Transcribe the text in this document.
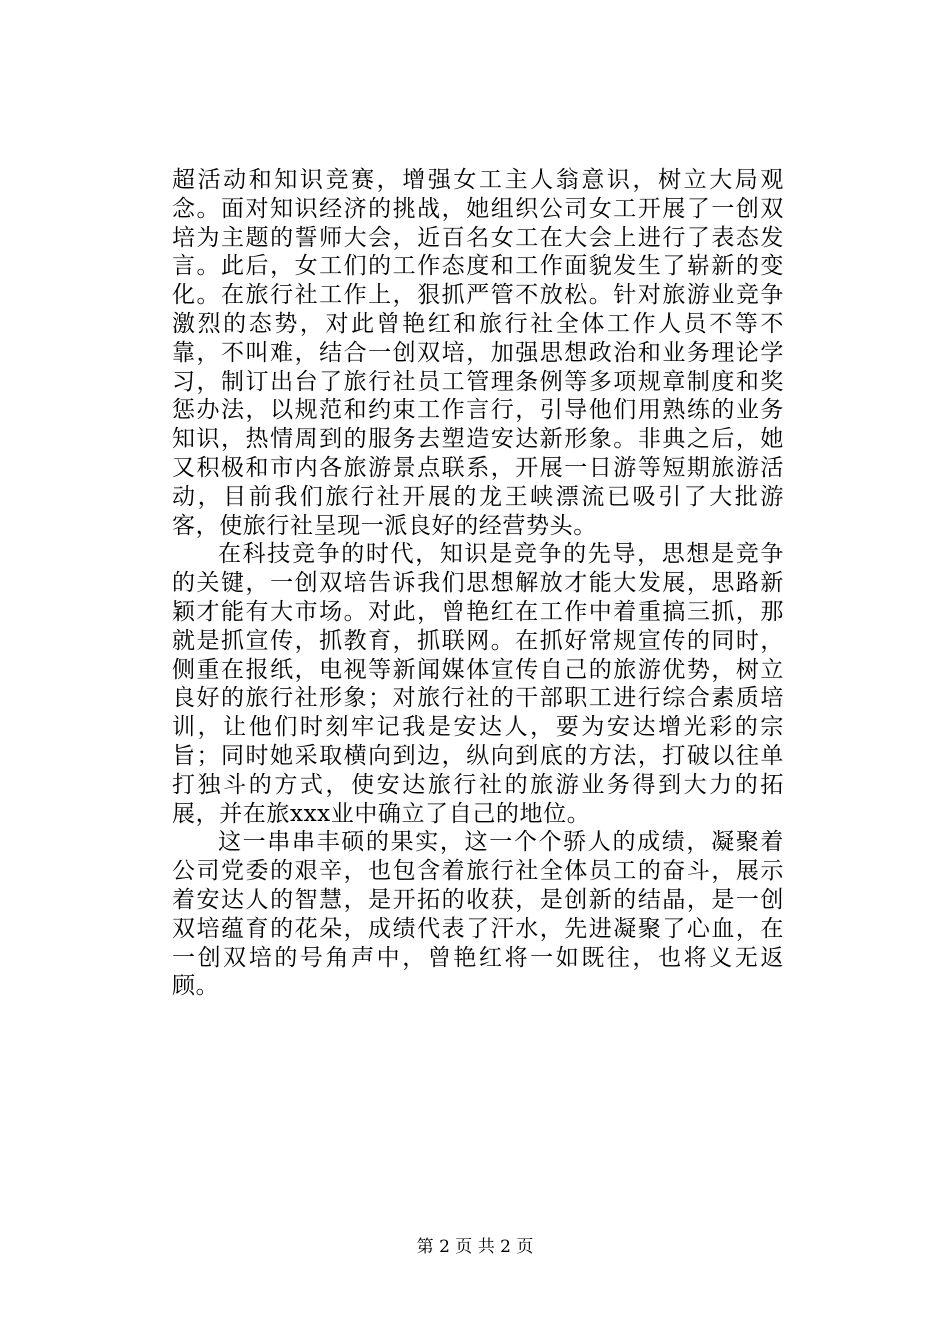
超活动和知识竞赛，增强女工主人翁意识，树立大局观念。面对知识经济的挑战，她组织公司女工开展了一创双培为主题的誓师大会，近百名女工在大会上进行了表态发言。此后，女工们的工作态度和工作面貌发生了崭新的变化。在旅行社工作上，狠抓严管不放松。针对旅游业竞争激烈的态势，对此曾艳红和旅行社全体工作人员不等不靠，不叫难，结合一创双培，加强思想政治和业务理论学习，制订出台了旅行社员工管理条例等多项规章制度和奖惩办法，以规范和约束工作言行，引导他们用熟练的业务知识，热情周到的服务去塑造安达新形象。非典之后，她又积极和市内各旅游景点联系，开展一日游等短期旅游活动，目前我们旅行社开展的龙王峡漂流已吸引了大批游客，使旅行社呈现一派良好的经营势头。

在科技竞争的时代，知识是竞争的先导，思想是竞争的关键，一创双培告诉我们思想解放才能大发展，思路新颖才能有大市场。对此，曾艳红在工作中着重搞三抓，那就是抓宣传，抓教育，抓联网。在抓好常规宣传的同时，侧重在报纸，电视等新闻媒体宣传自己的旅游优势，树立良好的旅行社形象；对旅行社的干部职工进行综合素质培训，让他们时刻牢记我是安达人，要为安达增光彩的宗旨；同时她采取横向到边，纵向到底的方法，打破以往单打独斗的方式，使安达旅行社的旅游业务得到大力的拓展，并在旅xxx业中确立了自己的地位。

这一串串丰硕的果实，这一个个骄人的成绩，凝聚着公司党委的艰辛，也包含着旅行社全体员工的奋斗，展示着安达人的智慧，是开拓的收获，是创新的结晶，是一创双培蕴育的花朵，成绩代表了汗水，先进凝聚了心血，在一创双培的号角声中，曾艳红将一如既往，也将义无返顾。

第 2 页 共 2 页
